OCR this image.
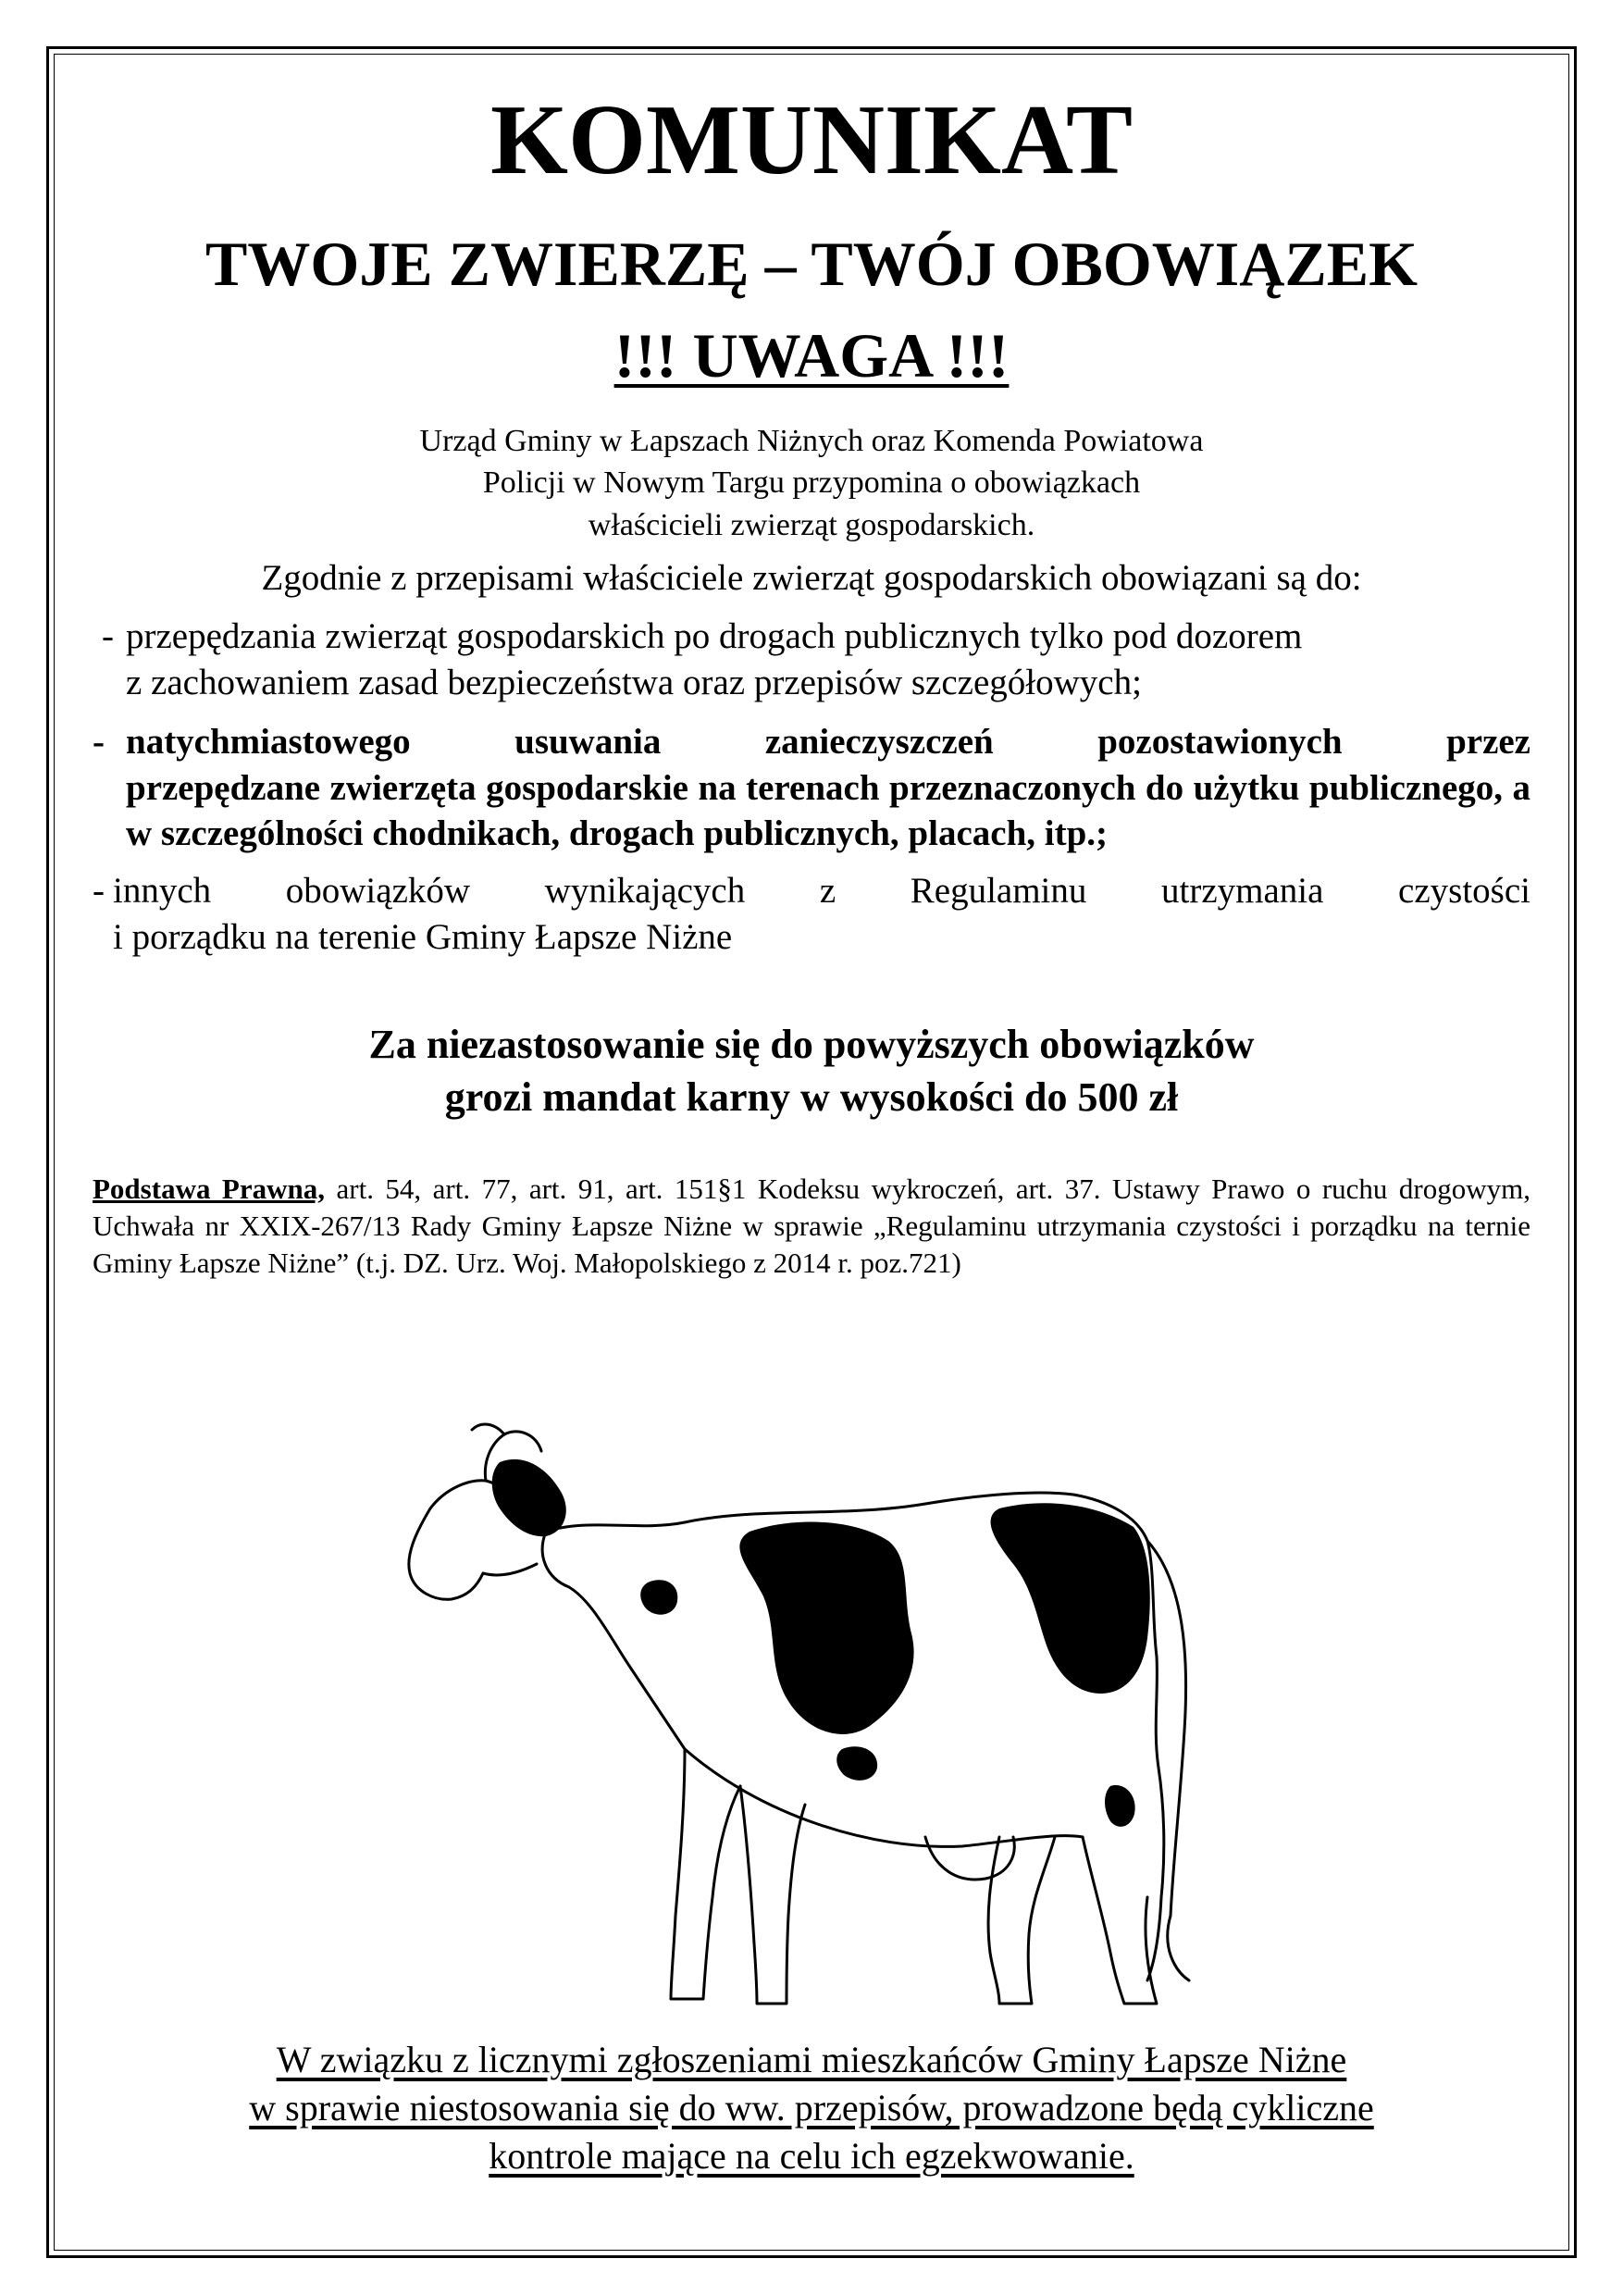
KOMUNIKAT
TWOJE ZWIERZĘ – TWÓJ OBOWIĄZEK
!!! UWAGA !!!
Urząd Gminy w Łapszach Niżnych oraz Komenda Powiatowa
Policji w Nowym Targu przypomina o obowiązkach
właścicieli zwierząt gospodarskich.
Zgodnie z przepisami właściciele zwierząt gospodarskich obowiązani są do:
- przepędzania zwierząt gospodarskich po drogach publicznych tylko pod dozorem
z zachowaniem zasad bezpieczeństwa oraz przepisów szczegółowych;
- natychmiastowego usuwania zanieczyszczeń pozostawionych przez
przepędzane zwierzęta gospodarskie na terenach przeznaczonych do użytku publicznego, a w szczególności chodnikach, drogach publicznych, placach, itp.;
- innych obowiązków wynikających z Regulaminu utrzymania czystości
i porządku na terenie Gminy Łapsze Niżne
Za niezastosowanie się do powyższych obowiązków
grozi mandat karny w wysokości do 500 zł
Podstawa Prawna, art. 54, art. 77, art. 91, art. 151§1 Kodeksu wykroczeń, art. 37. Ustawy Prawo o ruchu drogowym, Uchwała nr XXIX-267/13 Rady Gminy Łapsze Niżne w sprawie „Regulaminu utrzymania czystości i porządku na ternie Gminy Łapsze Niżne” (t.j. DZ. Urz. Woj. Małopolskiego z 2014 r. poz.721)
W związku z licznymi zgłoszeniami mieszkańców Gminy Łapsze Niżne
w sprawie niestosowania się do ww. przepisów, prowadzone będą cykliczne
kontrole mające na celu ich egzekwowanie.
